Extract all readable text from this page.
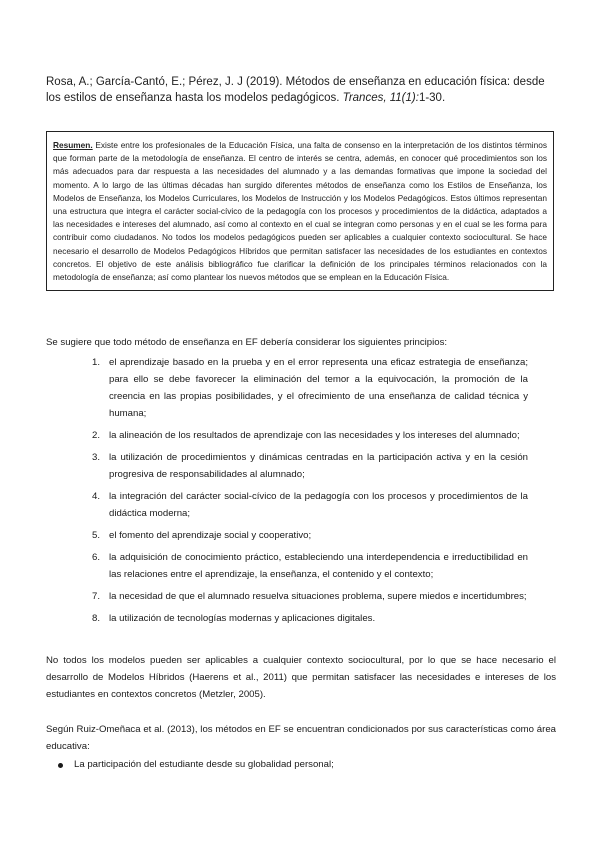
Rosa, A.; García-Cantó, E.; Pérez, J. J (2019). Métodos de enseñanza en educación física: desde los estilos de enseñanza hasta los modelos pedagógicos. Trances, 11(1):1-30.
Resumen. Existe entre los profesionales de la Educación Física, una falta de consenso en la interpretación de los distintos términos que forman parte de la metodología de enseñanza. El centro de interés se centra, además, en conocer qué procedimientos son los más adecuados para dar respuesta a las necesidades del alumnado y a las demandas formativas que impone la sociedad del momento. A lo largo de las últimas décadas han surgido diferentes métodos de enseñanza como los Estilos de Enseñanza, los Modelos de Enseñanza, los Modelos Curriculares, los Modelos de Instrucción y los Modelos Pedagógicos. Estos últimos representan una estructura que integra el carácter social-cívico de la pedagogía con los procesos y procedimientos de la didáctica, adaptados a las necesidades e intereses del alumnado, así como al contexto en el cual se integran como personas y en el cual se les forma para contribuir como ciudadanos. No todos los modelos pedagógicos pueden ser aplicables a cualquier contexto sociocultural. Se hace necesario el desarrollo de Modelos Pedagógicos Híbridos que permitan satisfacer las necesidades de los estudiantes en contextos concretos. El objetivo de este análisis bibliográfico fue clarificar la definición de los principales términos relacionados con la metodología de enseñanza; así como plantear los nuevos métodos que se emplean en la Educación Física.
Se sugiere que todo método de enseñanza en EF debería considerar los siguientes principios:
1. el aprendizaje basado en la prueba y en el error representa una eficaz estrategia de enseñanza; para ello se debe favorecer la eliminación del temor a la equivocación, la promoción de la creencia en las propias posibilidades, y el ofrecimiento de una enseñanza de calidad técnica y humana;
2. la alineación de los resultados de aprendizaje con las necesidades y los intereses del alumnado;
3. la utilización de procedimientos y dinámicas centradas en la participación activa y en la cesión progresiva de responsabilidades al alumnado;
4. la integración del carácter social-cívico de la pedagogía con los procesos y procedimientos de la didáctica moderna;
5. el fomento del aprendizaje social y cooperativo;
6. la adquisición de conocimiento práctico, estableciendo una interdependencia e irreductibilidad en las relaciones entre el aprendizaje, la enseñanza, el contenido y el contexto;
7. la necesidad de que el alumnado resuelva situaciones problema, supere miedos e incertidumbres;
8. la utilización de tecnologías modernas y aplicaciones digitales.
No todos los modelos pueden ser aplicables a cualquier contexto sociocultural, por lo que se hace necesario el desarrollo de Modelos Híbridos (Haerens et al., 2011) que permitan satisfacer las necesidades e intereses de los estudiantes en contextos concretos (Metzler, 2005).
Según Ruiz-Omeñaca et al. (2013), los métodos en EF se encuentran condicionados por sus características como área educativa:
La participación del estudiante desde su globalidad personal;
